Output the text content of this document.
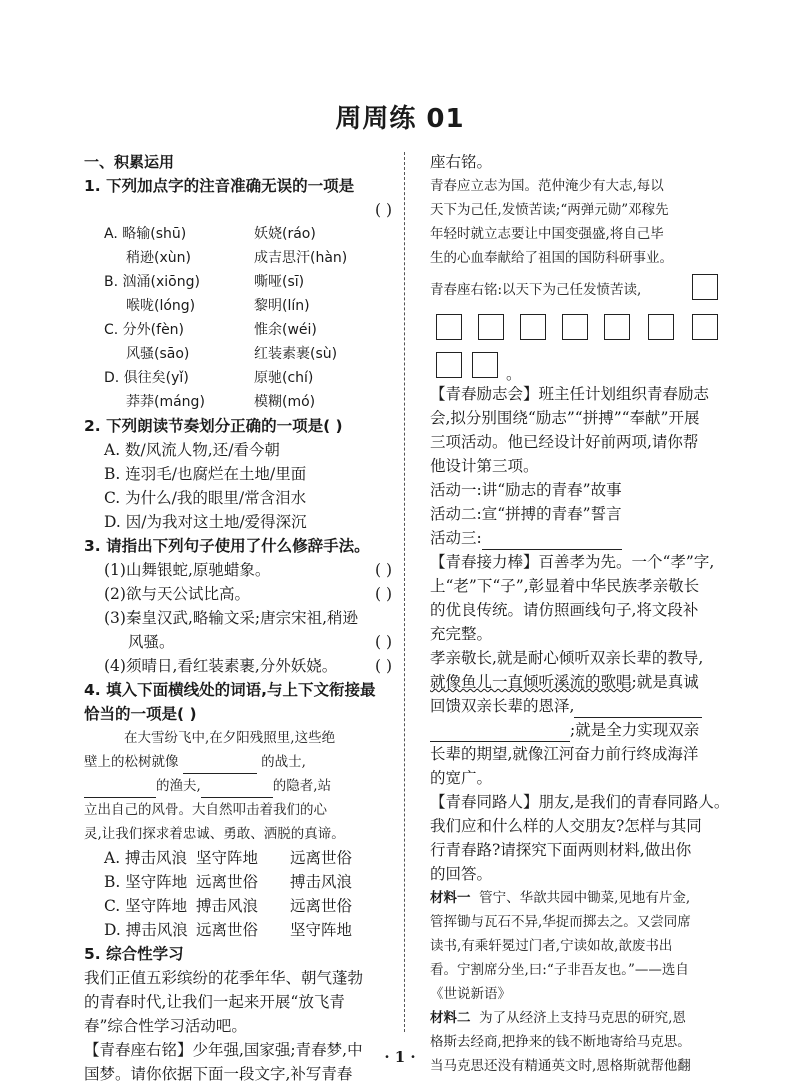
周周练 01
一、积累运用
1. 下列加点字的注音准确无误的一项是
( )
A. 略输(shū)	妖娆(ráo)
稍逊(xùn)	成吉思汗(hàn)
B. 汹涌(xiōng)	嘶哑(sī)
喉咙(lóng)	黎明(lín)
C. 分外(fèn)	惟余(wéi)
风骚(sāo)	红装素裹(sù)
D. 俱往矣(yǐ)	原驰(chí)
莽莽(máng)	模糊(mó)
2. 下列朗读节奏划分正确的一项是( )
A. 数/风流人物,还/看今朝
B. 连羽毛/也腐烂在土地/里面
C. 为什么/我的眼里/常含泪水
D. 因/为我对这土地/爱得深沉
3. 请指出下列句子使用了什么修辞手法。
(1)山舞银蛇,原驰蜡象。	( )
(2)欲与天公试比高。	( )
(3)秦皇汉武,略输文采;唐宗宋祖,稍逊
风骚。	( )
(4)须晴日,看红装素裹,分外妖娆。 ( )
4. 填入下面横线处的词语,与上下文衔接最
恰当的一项是( )
在大雪纷飞中,在夕阳残照里,这些绝
壁上的松树就像	的战士,
的渔夫,	的隐者,站
立出自己的风骨。大自然叩击着我们的心
灵,让我们探求着忠诚、勇敢、洒脱的真谛。
A. 搏击风浪 坚守阵地 远离世俗
B. 坚守阵地 远离世俗 搏击风浪
C. 坚守阵地 搏击风浪 远离世俗
D. 搏击风浪 远离世俗 坚守阵地
5. 综合性学习
我们正值五彩缤纷的花季年华、朝气蓬勃
的青春时代,让我们一起来开展“放飞青
春”综合性学习活动吧。
【青春座右铭】少年强,国家强;青春梦,中
国梦。请你依据下面一段文字,补写青春
座右铭。
青春应立志为国。范仲淹少有大志,每以
天下为己任,发愤苦读;“两弹元勋”邓稼先
年轻时就立志要让中国变强盛,将自己毕
生的心血奉献给了祖国的国防科研事业。
青春座右铭:以天下为己任发愤苦读,
。
【青春励志会】班主任计划组织青春励志
会,拟分别围绕“励志”“拼搏”“奉献”开展
三项活动。他已经设计好前两项,请你帮
他设计第三项。
活动一:讲“励志的青春”故事
活动二:宣“拼搏的青春”誓言
活动三:
【青春接力棒】百善孝为先。一个“孝”字,
上“老”下“子”,彰显着中华民族孝亲敬长
的优良传统。请仿照画线句子,将文段补
充完整。
孝亲敬长,就是耐心倾听双亲长辈的教导,
就像鱼儿一直倾听溪流的歌唱;就是真诚
回馈双亲长辈的恩泽,
;就是全力实现双亲
长辈的期望,就像江河奋力前行终成海洋
的宽广。
【青春同路人】朋友,是我们的青春同路人。
我们应和什么样的人交朋友?怎样与其同
行青春路?请探究下面两则材料,做出你
的回答。
材料一 管宁、华歆共园中锄菜,见地有片金,
管挥锄与瓦石不异,华捉而掷去之。又尝同席
读书,有乘轩冕过门者,宁读如故,歆废书出
看。宁割席分坐,曰:“子非吾友也。”——选自
《世说新语》
材料二 为了从经济上支持马克思的研究,恩
格斯去经商,把挣来的钱不断地寄给马克思。
当马克思还没有精通英文时,恩格斯就帮他翻
· 1 ·
